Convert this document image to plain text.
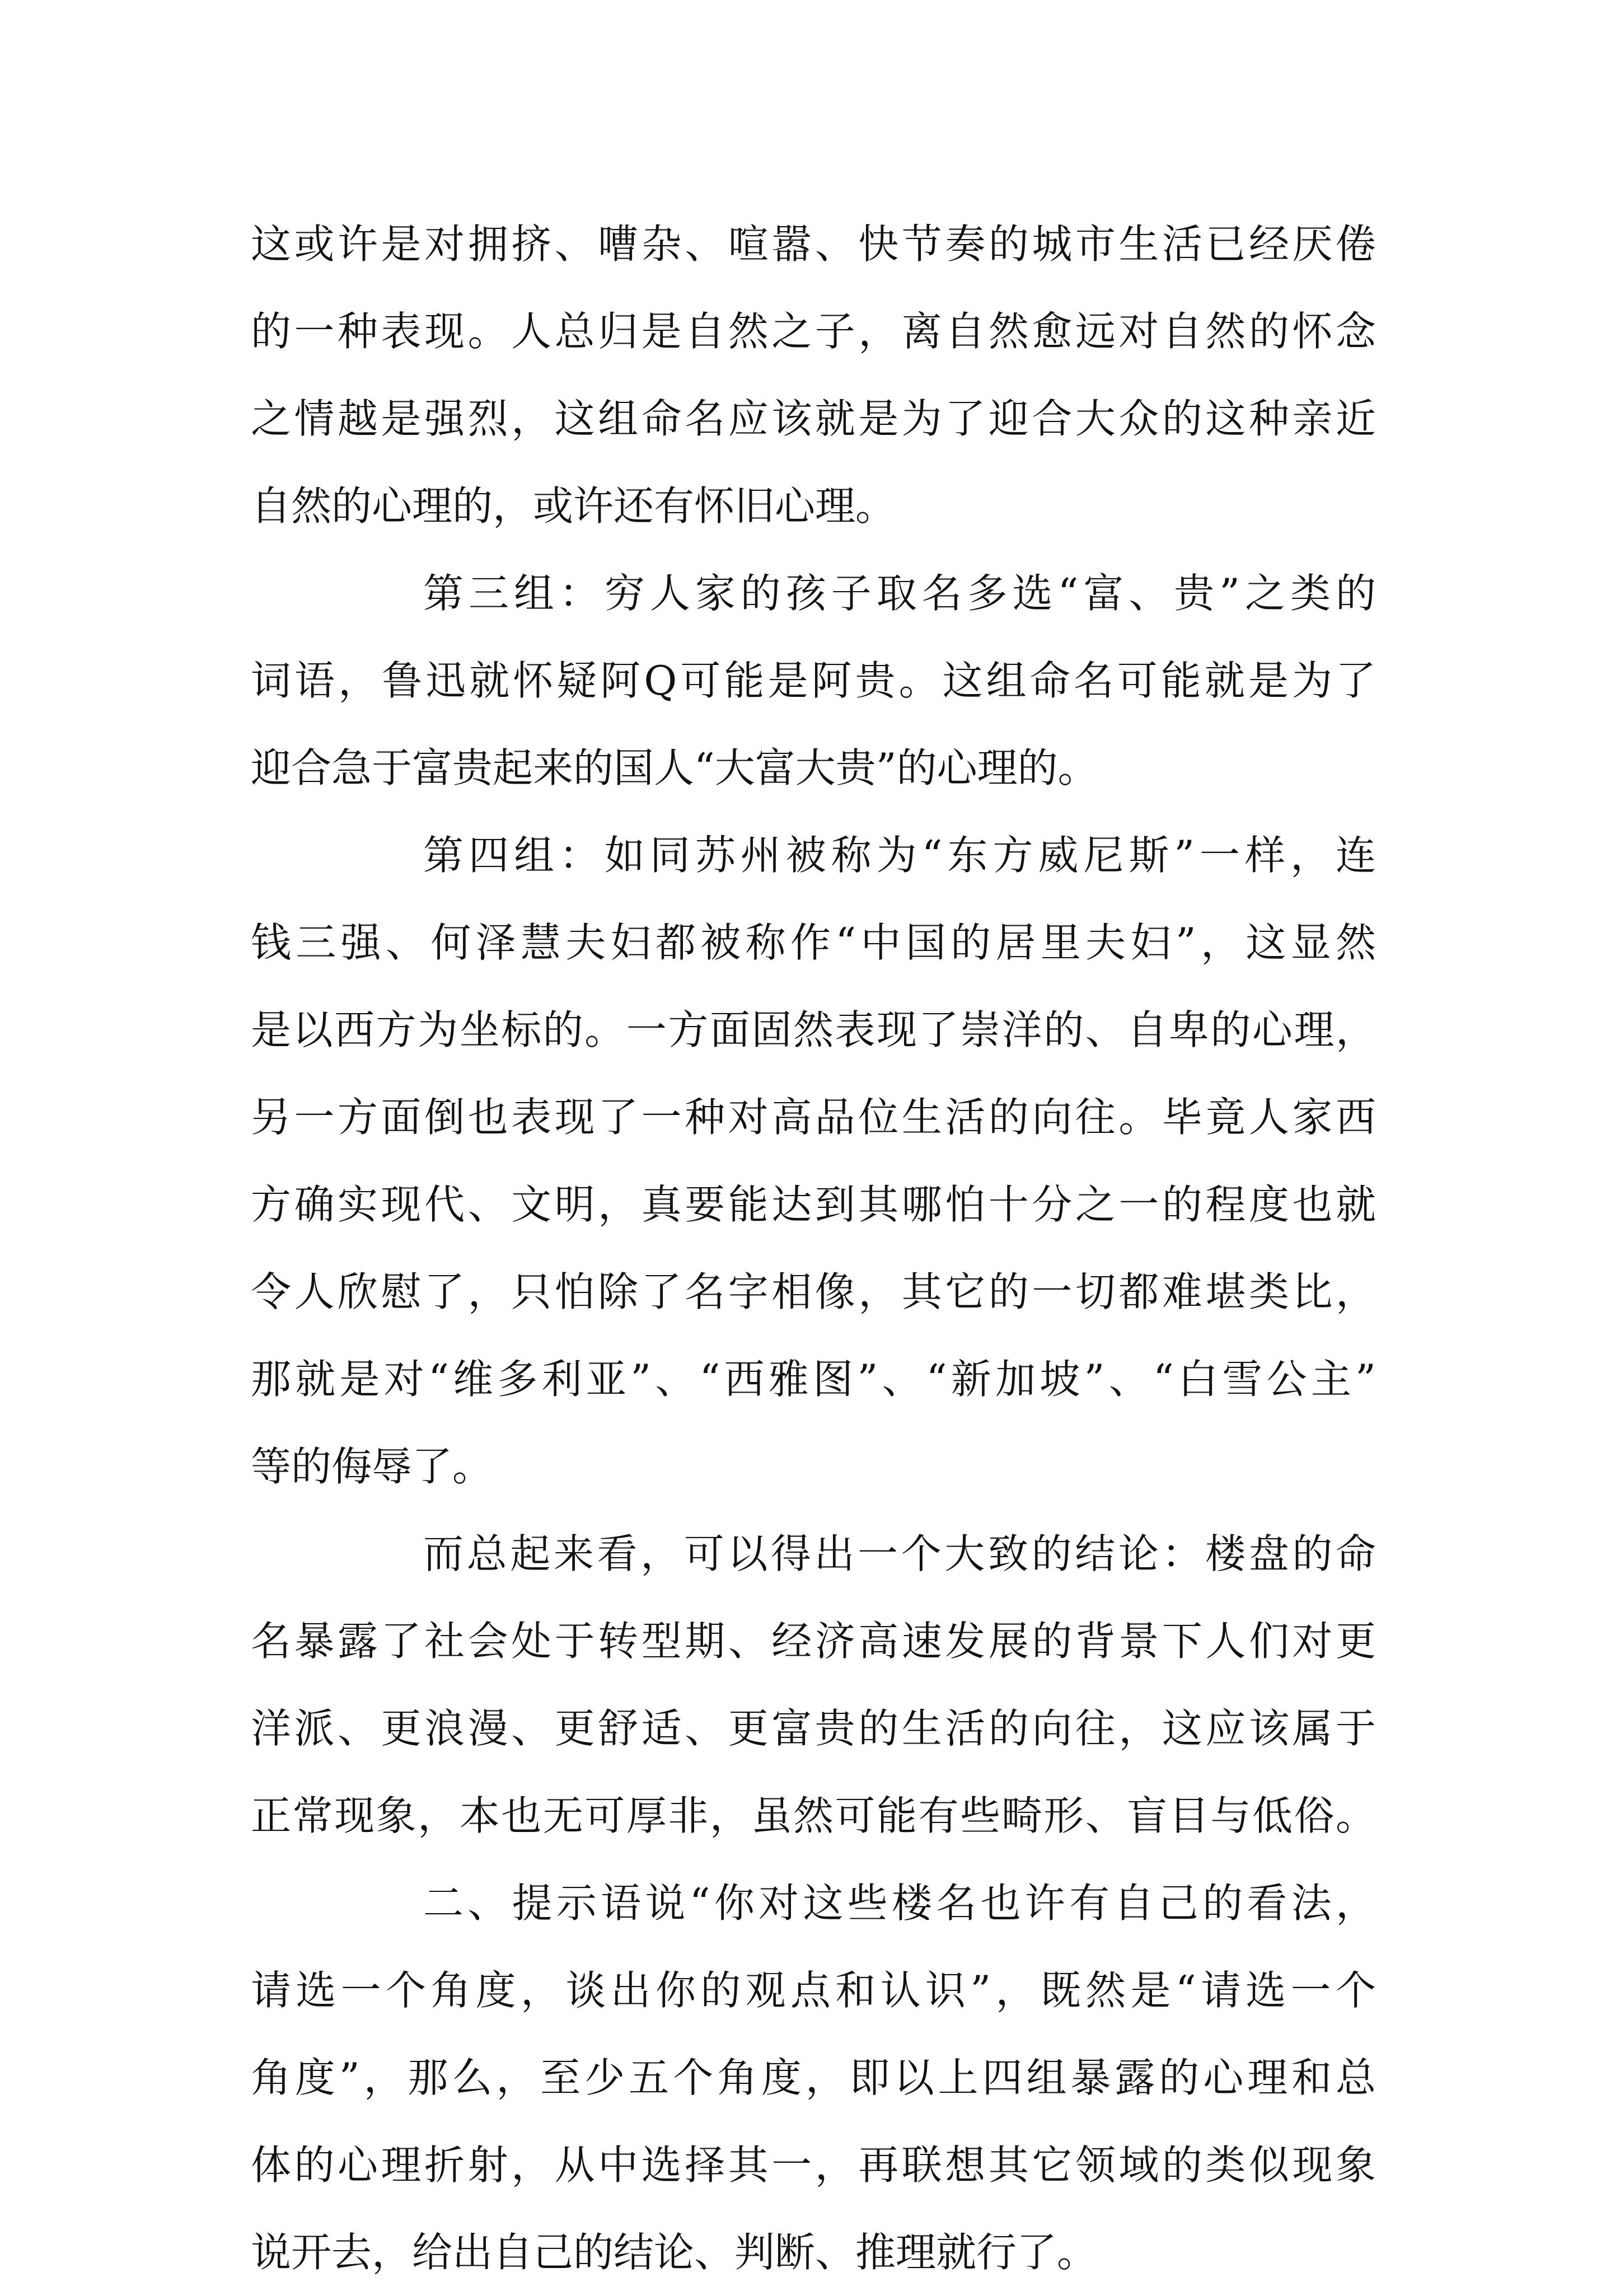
这或许是对拥挤、嘈杂、喧嚣、快节奏的城市生活已经厌倦
的一种表现。人总归是自然之子，离自然愈远对自然的怀念
之情越是强烈，这组命名应该就是为了迎合大众的这种亲近
自然的心理的，或许还有怀旧心理。
第三组：穷人家的孩子取名多选“富、贵”之类的
词语，鲁迅就怀疑阿Q可能是阿贵。这组命名可能就是为了
迎合急于富贵起来的国人“大富大贵”的心理的。
第四组：如同苏州被称为“东方威尼斯”一样，连
钱三强、何泽慧夫妇都被称作“中国的居里夫妇”，这显然
是以西方为坐标的。一方面固然表现了崇洋的、自卑的心理，
另一方面倒也表现了一种对高品位生活的向往。毕竟人家西
方确实现代、文明，真要能达到其哪怕十分之一的程度也就
令人欣慰了，只怕除了名字相像，其它的一切都难堪类比，
那就是对“维多利亚”、“西雅图”、“新加坡”、“白雪公主”
等的侮辱了。
而总起来看，可以得出一个大致的结论：楼盘的命
名暴露了社会处于转型期、经济高速发展的背景下人们对更
洋派、更浪漫、更舒适、更富贵的生活的向往，这应该属于
正常现象，本也无可厚非，虽然可能有些畸形、盲目与低俗。
二、提示语说“你对这些楼名也许有自己的看法，
请选一个角度，谈出你的观点和认识”，既然是“请选一个
角度”，那么，至少五个角度，即以上四组暴露的心理和总
体的心理折射，从中选择其一，再联想其它领域的类似现象
说开去，给出自己的结论、判断、推理就行了。
